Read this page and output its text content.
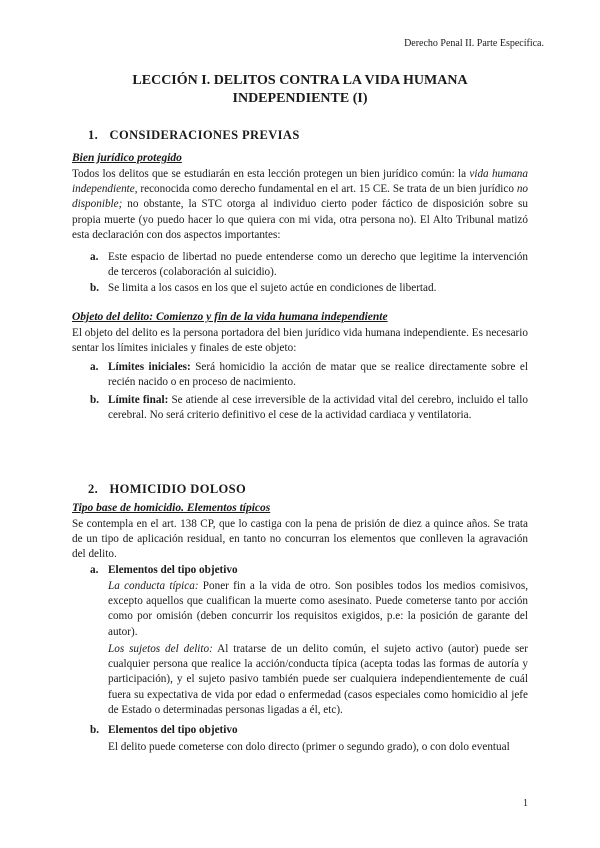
Derecho Penal II. Parte Específica.
LECCIÓN I. DELITOS CONTRA LA VIDA HUMANA
INDEPENDIENTE (I)
1. CONSIDERACIONES PREVIAS
Bien jurídico protegido

Todos los delitos que se estudiarán en esta lección protegen un bien jurídico común: la vida humana independiente, reconocida como derecho fundamental en el art. 15 CE. Se trata de un bien jurídico no disponible; no obstante, la STC otorga al individuo cierto poder fáctico de disposición sobre su propia muerte (yo puedo hacer lo que quiera con mi vida, otra persona no). El Alto Tribunal matizó esta declaración con dos aspectos importantes:

a. Este espacio de libertad no puede entenderse como un derecho que legitime la intervención de terceros (colaboración al suicidio).

b. Se limita a los casos en los que el sujeto actúe en condiciones de libertad.

Objeto del delito: Comienzo y fin de la vida humana independiente

El objeto del delito es la persona portadora del bien jurídico vida humana independiente. Es necesario sentar los límites iniciales y finales de este objeto:

a. Límites iniciales: Será homicidio la acción de matar que se realice directamente sobre el recién nacido o en proceso de nacimiento.

b. Límite final: Se atiende al cese irreversible de la actividad vital del cerebro, incluido el tallo cerebral. No será criterio definitivo el cese de la actividad cardiaca y ventilatoria.

2. HOMICIDIO DOLOSO
Tipo base de homicidio. Elementos típicos

Se contempla en el art. 138 CP, que lo castiga con la pena de prisión de diez a quince años. Se trata de un tipo de aplicación residual, en tanto no concurran los elementos que conlleven la agravación del delito.

a. Elementos del tipo objetivo

La conducta típica: Poner fin a la vida de otro. Son posibles todos los medios comisivos, excepto aquellos que cualifican la muerte como asesinato. Puede cometerse tanto por acción como por omisión (deben concurrir los requisitos exigidos, p.e: la posición de garante del autor).

Los sujetos del delito: Al tratarse de un delito común, el sujeto activo (autor) puede ser cualquier persona que realice la acción/conducta típica (acepta todas las formas de autoría y participación), y el sujeto pasivo también puede ser cualquiera independientemente de cuál fuera su expectativa de vida por edad o enfermedad (casos especiales como homicidio al jefe de Estado o determinadas personas ligadas a él, etc).

b. Elementos del tipo objetivo

El delito puede cometerse con dolo directo (primer o segundo grado), o con dolo eventual

1
